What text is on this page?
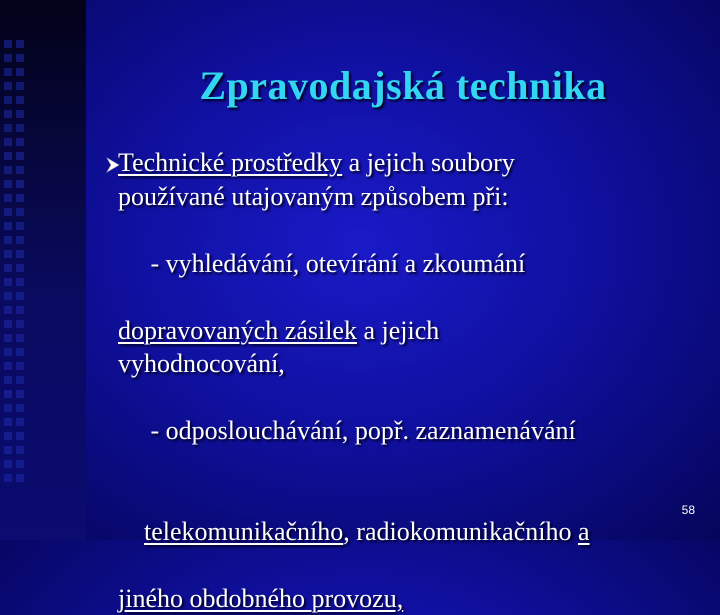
Zpravodajská technika
Technické prostředky a jejich soubory
používané utajovaným způsobem při:

- vyhledávání, otevírání a zkoumání

dopravovaných zásilek a jejich
vyhodnocování,

- odposlouchávání, popř. zaznamenávání

telekomunikačního, radiokomunikačního a

jiného obdobného provozu,
58
